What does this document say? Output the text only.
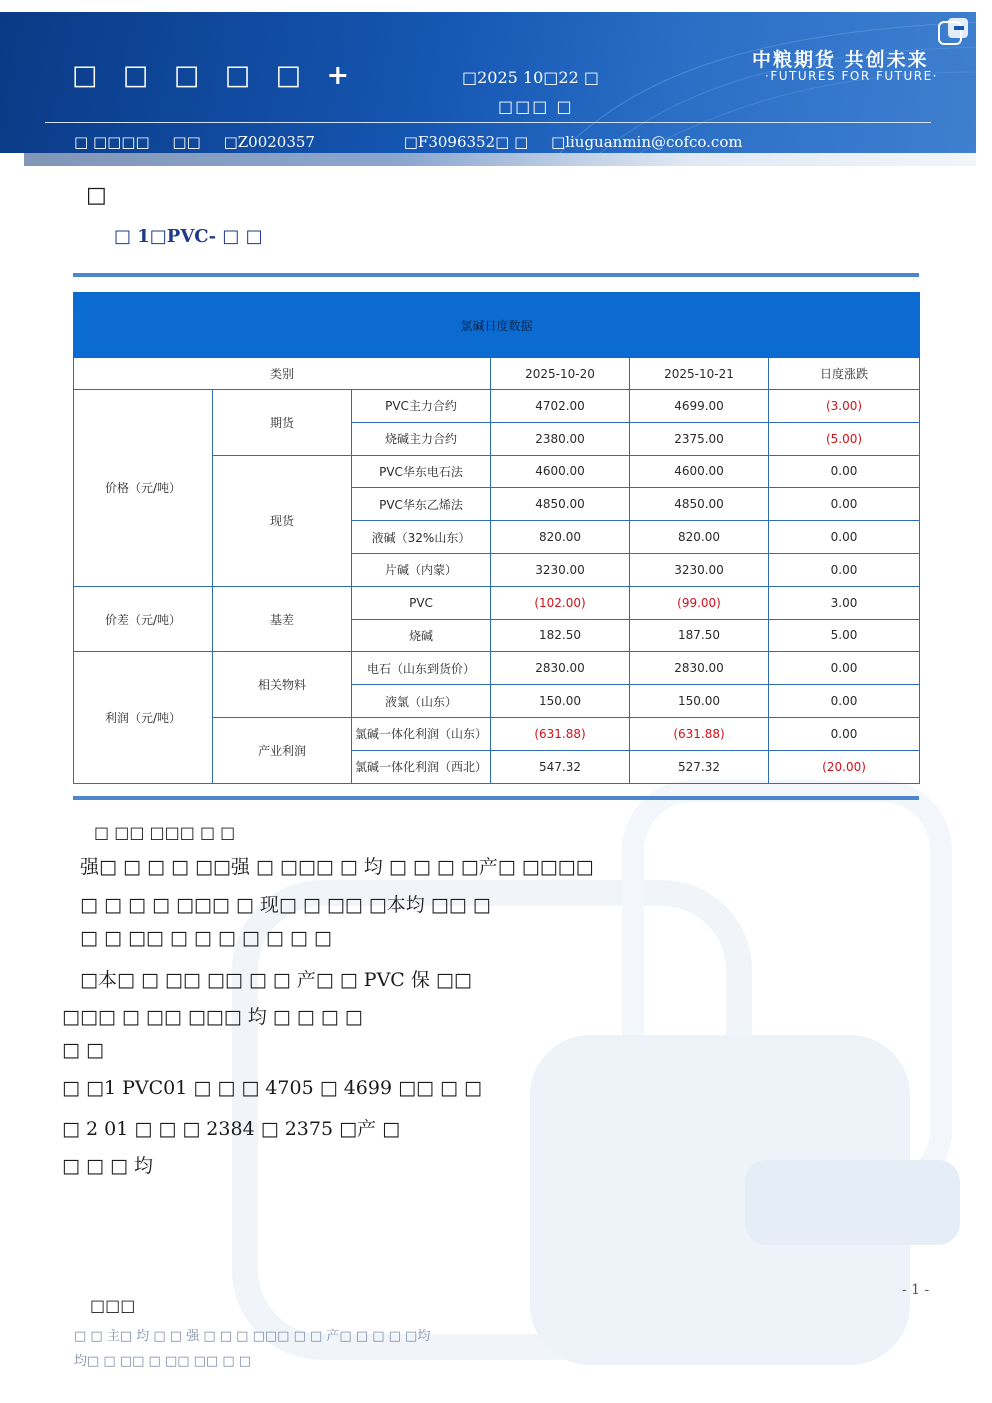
□ □ □ □ □ +	□2025 10□22 □
□□□ □
□ □□□□ □□ □Z0020357	□F3096352□ □ □liuguanmin@cofco.com
中粮期货 共创未来
·FUTURES FOR FUTURE·
□
□ 1□PVC- □ □
氯碱日度数据					
类别			2025-10-20	2025-10-21	日度涨跌
价格（元/吨）	期货	PVC主力合约	4702.00	4699.00	(3.00)
		烧碱主力合约	2380.00	2375.00	(5.00)
	现货	PVC华东电石法	4600.00	4600.00	0.00
		PVC华东乙烯法	4850.00	4850.00	0.00
		液碱（32%山东）	820.00	820.00	0.00
		片碱（内蒙）	3230.00	3230.00	0.00
价差（元/吨）	基差	PVC	(102.00)	(99.00)	3.00
		烧碱	182.50	187.50	5.00
利润（元/吨）	相关物料	电石（山东到货价）	2830.00	2830.00	0.00
		液氯（山东）	150.00	150.00	0.00
	产业利润	氯碱一体化利润（山东）	(631.88)	(631.88)	0.00
		氯碱一体化利润（西北）	547.32	527.32	(20.00)
□ □□ □□□ □ □
强□ □ □ □ □□强 □ □□□ □ 均 □ □ □ □产□ □□□□
□ □ □ □ □□□ □ 现□ □ □□ □本均 □□ □
□ □ □□ □ □ □ □ □ □ □
□本□ □ □□ □□ □ □ 产□ □ PVC 保 □□
□□□ □ □□ □□□ 均 □ □ □ □
□ □
□ □1 PVC01 □ □ □ 4705 □ 4699 □□ □ □
□ 2 01 □ □ □ 2384 □ 2375 □产 □
□ □ □ 均
- 1 -
□□□
□ □ 主□ 均 □ □ 强 □ □ □ □□□ □ □ 产□ □ □ □ □均
均□ □ □□ □ □□ □□ □ □
